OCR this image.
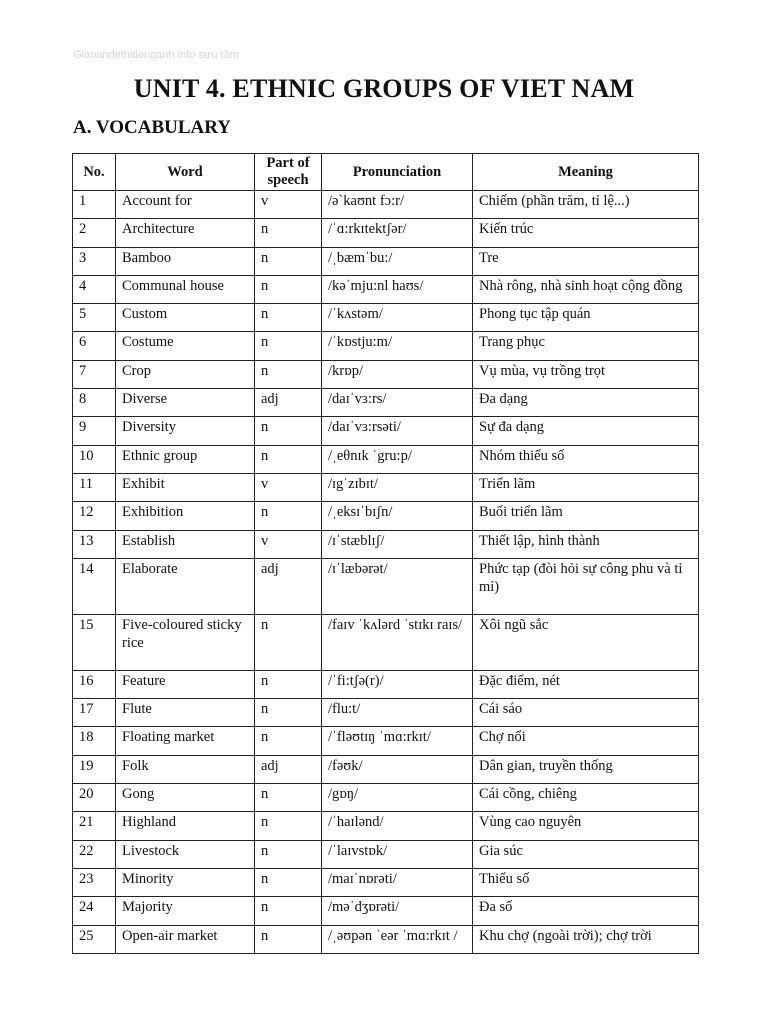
Giaoandethitienganh.info sưu tầm
UNIT 4. ETHNIC GROUPS OF VIET NAM
A. VOCABULARY
No.	Word	Part of speech	Pronunciation	Meaning
1	Account for	v	/ə`kaʊnt fɔ:r/	Chiếm (phần trăm, tỉ lệ...)
2	Architecture	n	/ˈɑ:rkɪtektʃər/	Kiến trúc
3	Bamboo	n	/ˌbæmˈbu:/	Tre
4	Communal house	n	/kəˈmju:nl haʊs/	Nhà rông, nhà sinh hoạt cộng đồng
5	Custom	n	/ˈkʌstəm/	Phong tục tập quán
6	Costume	n	/ˈkɒstju:m/	Trang phục
7	Crop	n	/krɒp/	Vụ mùa, vụ trồng trọt
8	Diverse	adj	/daɪˈvɜ:rs/	Đa dạng
9	Diversity	n	/daɪˈvɜ:rsəti/	Sự đa dạng
10	Ethnic group	n	/ˌeθnɪk ˈgru:p/	Nhóm thiểu số
11	Exhibit	v	/ɪgˈzɪbɪt/	Triển lãm
12	Exhibition	n	/ˌeksɪˈbɪʃn/	Buổi triển lãm
13	Establish	v	/ɪˈstæblɪʃ/	Thiết lập, hình thành
14	Elaborate	adj	/ɪˈlæbərət/	Phức tạp (đòi hỏi sự công phu và tỉ mỉ)
15	Five-coloured sticky rice	n	/faɪv ˈkʌlərd ˈstɪkɪ raɪs/	Xôi ngũ sắc
16	Feature	n	/ˈfi:tʃə(r)/	Đặc điểm, nét
17	Flute	n	/flu:t/	Cái sáo
18	Floating market	n	/ˈfləʊtɪŋ ˈmɑ:rkɪt/	Chợ nổi
19	Folk	adj	/fəʊk/	Dân gian, truyền thống
20	Gong	n	/gɒŋ/	Cái cồng, chiêng
21	Highland	n	/ˈhaɪlənd/	Vùng cao nguyên
22	Livestock	n	/ˈlaɪvstɒk/	Gia súc
23	Minority	n	/maɪˈnɒrəti/	Thiểu số
24	Majority	n	/məˈdʒɒrəti/	Đa số
25	Open-air market	n	/ˌəʊpən ˈeər ˈmɑ:rkɪt /	Khu chợ (ngoài trời); chợ trời
